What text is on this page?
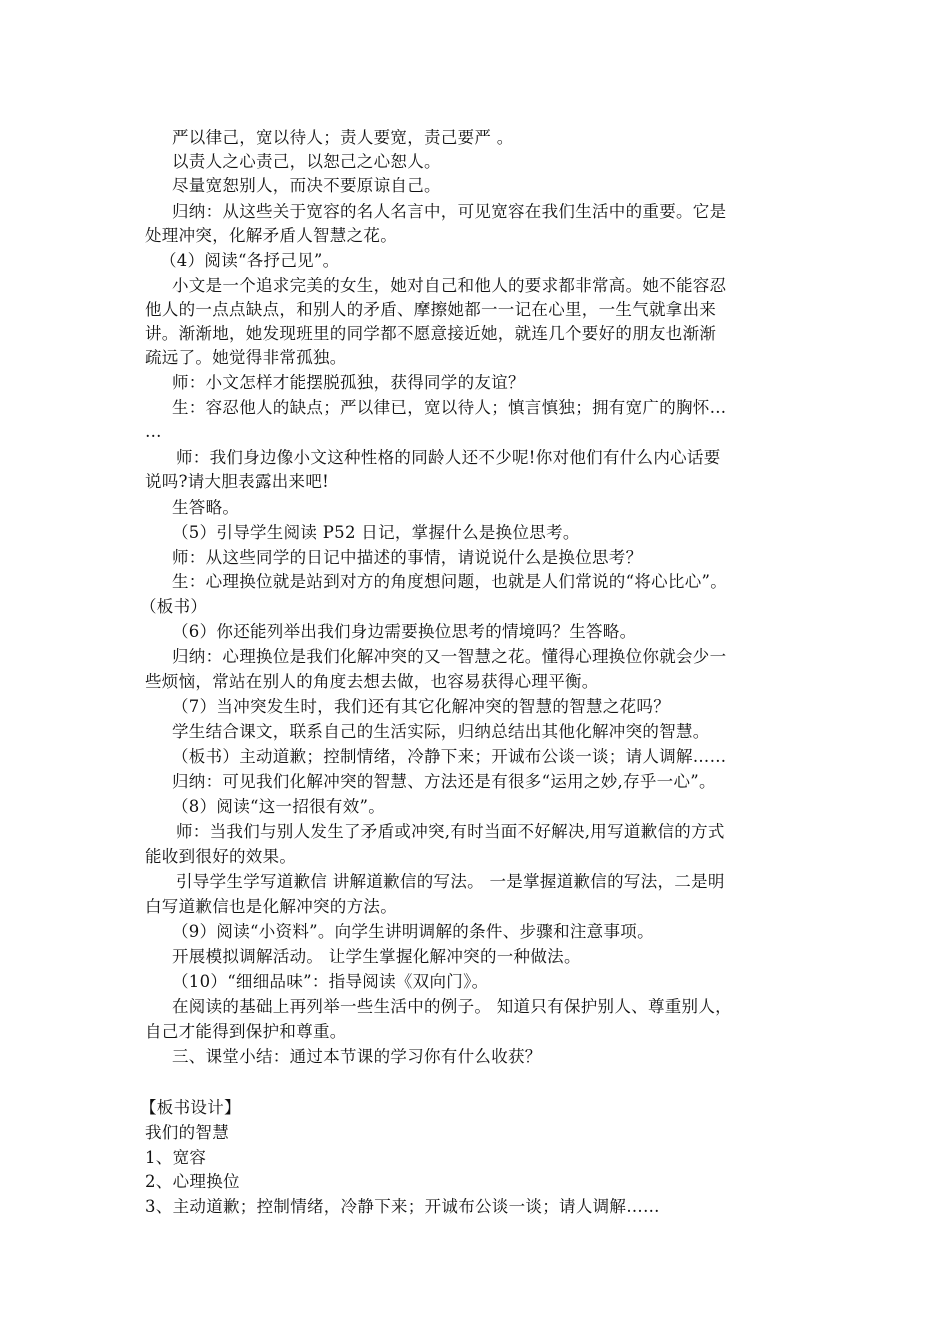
严以律己，宽以待人；责人要宽，责己要严 。
以责人之心责己，以恕己之心恕人。
尽量宽恕别人，而决不要原谅自己。
归纳：从这些关于宽容的名人名言中，可见宽容在我们生活中的重要。它是
处理冲突，化解矛盾人智慧之花。
（4）阅读“各抒己见”。
小文是一个追求完美的女生，她对自己和他人的要求都非常高。她不能容忍
他人的一点点缺点，和别人的矛盾、摩擦她都一一记在心里，一生气就拿出来
讲。渐渐地，她发现班里的同学都不愿意接近她，就连几个要好的朋友也渐渐
疏远了。她觉得非常孤独。
师：小文怎样才能摆脱孤独，获得同学的友谊？
生：容忍他人的缺点；严以律已，宽以待人；慎言慎独；拥有宽广的胸怀…
…
师：我们身边像小文这种性格的同龄人还不少呢!你对他们有什么内心话要
说吗?请大胆表露出来吧!
生答略。
（5）引导学生阅读 P52 日记，掌握什么是换位思考。
师：从这些同学的日记中描述的事情，请说说什么是换位思考？
生：心理换位就是站到对方的角度想问题，也就是人们常说的“将心比心”。
（板书）
（6）你还能列举出我们身边需要换位思考的情境吗？生答略。
归纳：心理换位是我们化解冲突的又一智慧之花。懂得心理换位你就会少一
些烦恼，常站在别人的角度去想去做，也容易获得心理平衡。
（7）当冲突发生时，我们还有其它化解冲突的智慧的智慧之花吗？
学生结合课文，联系自己的生活实际，归纳总结出其他化解冲突的智慧。
（板书）主动道歉；控制情绪，冷静下来；开诚布公谈一谈；请人调解……
归纳：可见我们化解冲突的智慧、方法还是有很多“运用之妙,存乎一心”。
（8）阅读“这一招很有效”。
师：当我们与别人发生了矛盾或冲突,有时当面不好解决,用写道歉信的方式
能收到很好的效果。
引导学生学写道歉信 讲解道歉信的写法。 一是掌握道歉信的写法，二是明
白写道歉信也是化解冲突的方法。
（9）阅读“小资料”。向学生讲明调解的条件、步骤和注意事项。
开展模拟调解活动。 让学生掌握化解冲突的一种做法。
（10）“细细品味”：指导阅读《双向门》。
在阅读的基础上再列举一些生活中的例子。 知道只有保护别人、尊重别人，
自己才能得到保护和尊重。
三、课堂小结：通过本节课的学习你有什么收获？
【板书设计】
我们的智慧
1、宽容
2、心理换位
3、主动道歉；控制情绪，冷静下来；开诚布公谈一谈；请人调解……
